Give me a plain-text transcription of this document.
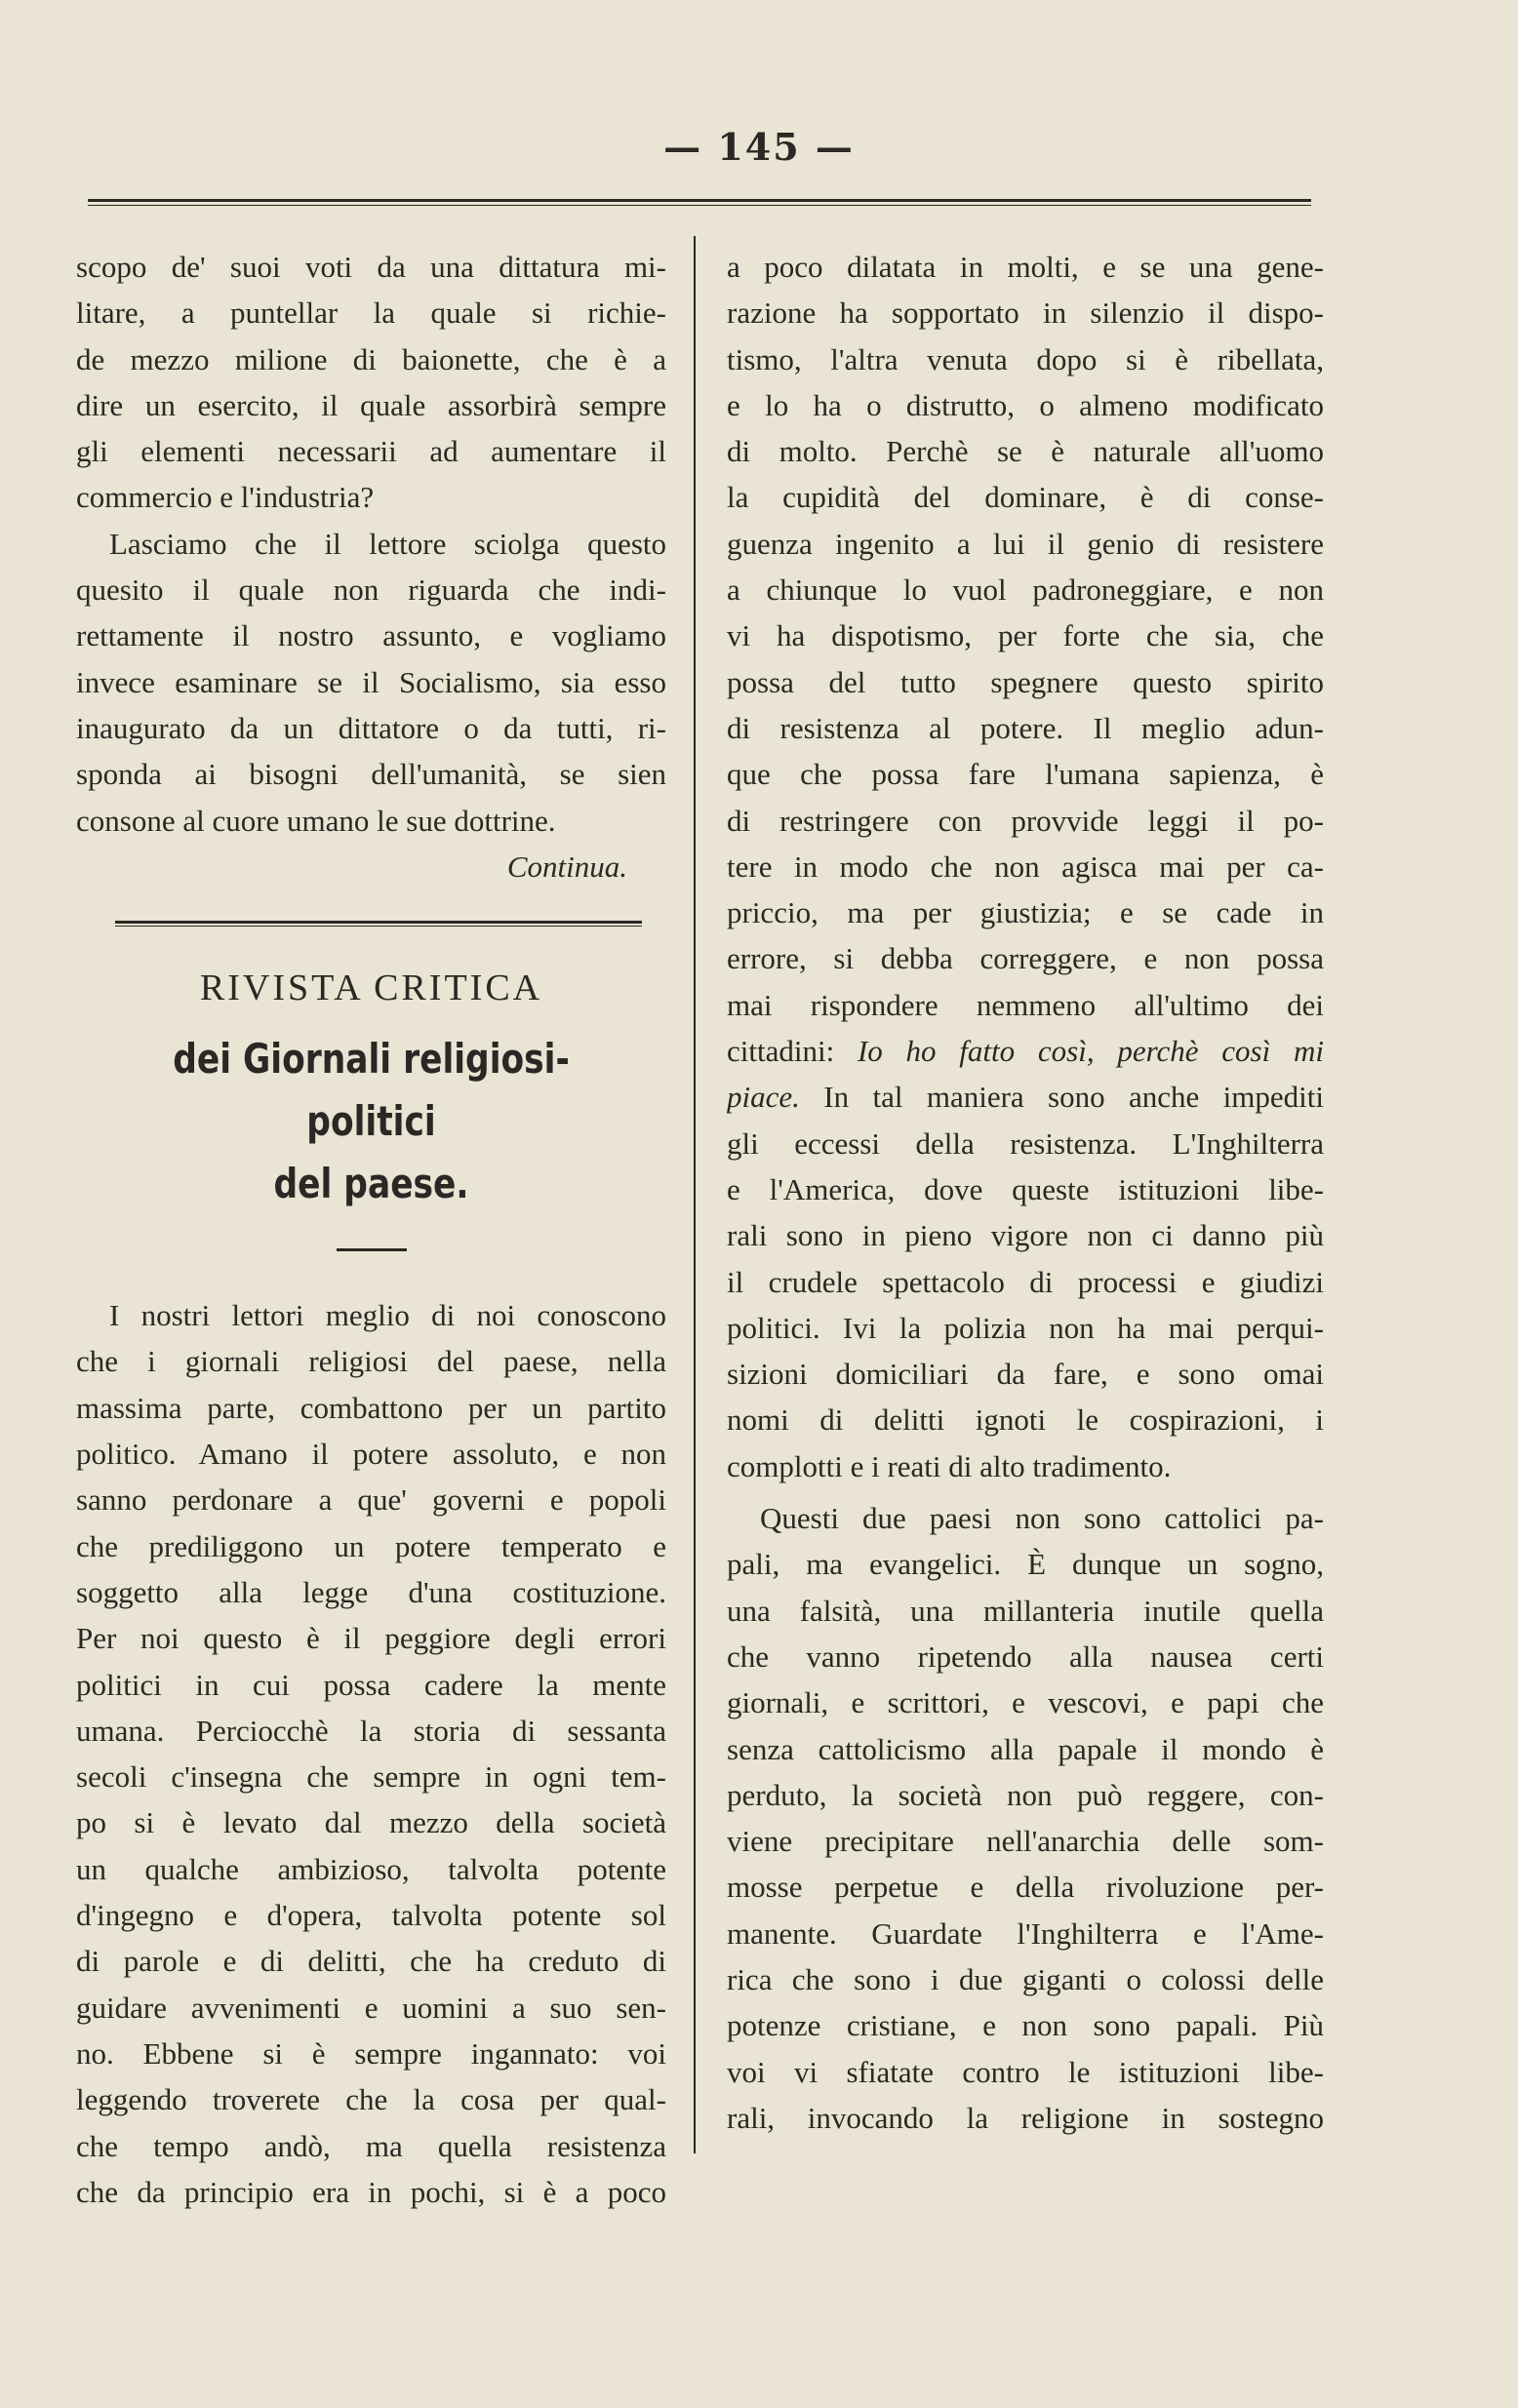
— 145 —
scopo de' suoi voti da una dittatura mi-
litare, a puntellar la quale si richie-
de mezzo milione di baionette, che è a
dire un esercito, il quale assorbirà sempre
gli elementi necessarii ad aumentare il
commercio e l'industria?
Lasciamo che il lettore sciolga questo
quesito il quale non riguarda che indi-
rettamente il nostro assunto, e vogliamo
invece esaminare se il Socialismo, sia esso
inaugurato da un dittatore o da tutti, ri-
sponda ai bisogni dell'umanità, se sien
consone al cuore umano le sue dottrine.
Continua.
RIVISTA CRITICA
dei Giornali religiosi-politici
del paese.
I nostri lettori meglio di noi conoscono
che i giornali religiosi del paese, nella
massima parte, combattono per un partito
politico. Amano il potere assoluto, e non
sanno perdonare a que' governi e popoli
che prediliggono un potere temperato e
soggetto alla legge d'una costituzione.
Per noi questo è il peggiore degli errori
politici in cui possa cadere la mente
umana. Perciocchè la storia di sessanta
secoli c'insegna che sempre in ogni tem-
po si è levato dal mezzo della società
un qualche ambizioso, talvolta potente
d'ingegno e d'opera, talvolta potente sol
di parole e di delitti, che ha creduto di
guidare avvenimenti e uomini a suo sen-
no. Ebbene si è sempre ingannato: voi
leggendo troverete che la cosa per qual-
che tempo andò, ma quella resistenza
che da principio era in pochi, si è a poco
a poco dilatata in molti, e se una gene-
razione ha sopportato in silenzio il dispo-
tismo, l'altra venuta dopo si è ribellata,
e lo ha o distrutto, o almeno modificato
di molto. Perchè se è naturale all'uomo
la cupidità del dominare, è di conse-
guenza ingenito a lui il genio di resistere
a chiunque lo vuol padroneggiare, e non
vi ha dispotismo, per forte che sia, che
possa del tutto spegnere questo spirito
di resistenza al potere. Il meglio adun-
que che possa fare l'umana sapienza, è
di restringere con provvide leggi il po-
tere in modo che non agisca mai per ca-
priccio, ma per giustizia; e se cade in
errore, si debba correggere, e non possa
mai rispondere nemmeno all'ultimo dei
cittadini: Io ho fatto così, perchè così mi
piace. In tal maniera sono anche impediti
gli eccessi della resistenza. L'Inghilterra
e l'America, dove queste istituzioni libe-
rali sono in pieno vigore non ci danno più
il crudele spettacolo di processi e giudizi
politici. Ivi la polizia non ha mai perqui-
sizioni domiciliari da fare, e sono omai
nomi di delitti ignoti le cospirazioni, i
complotti e i reati di alto tradimento.
Questi due paesi non sono cattolici pa-
pali, ma evangelici. È dunque un sogno,
una falsità, una millanteria inutile quella
che vanno ripetendo alla nausea certi
giornali, e scrittori, e vescovi, e papi che
senza cattolicismo alla papale il mondo è
perduto, la società non può reggere, con-
viene precipitare nell'anarchia delle som-
mosse perpetue e della rivoluzione per-
manente. Guardate l'Inghilterra e l'Ame-
rica che sono i due giganti o colossi delle
potenze cristiane, e non sono papali. Più
voi vi sfiatate contro le istituzioni libe-
rali, invocando la religione in sostegno
